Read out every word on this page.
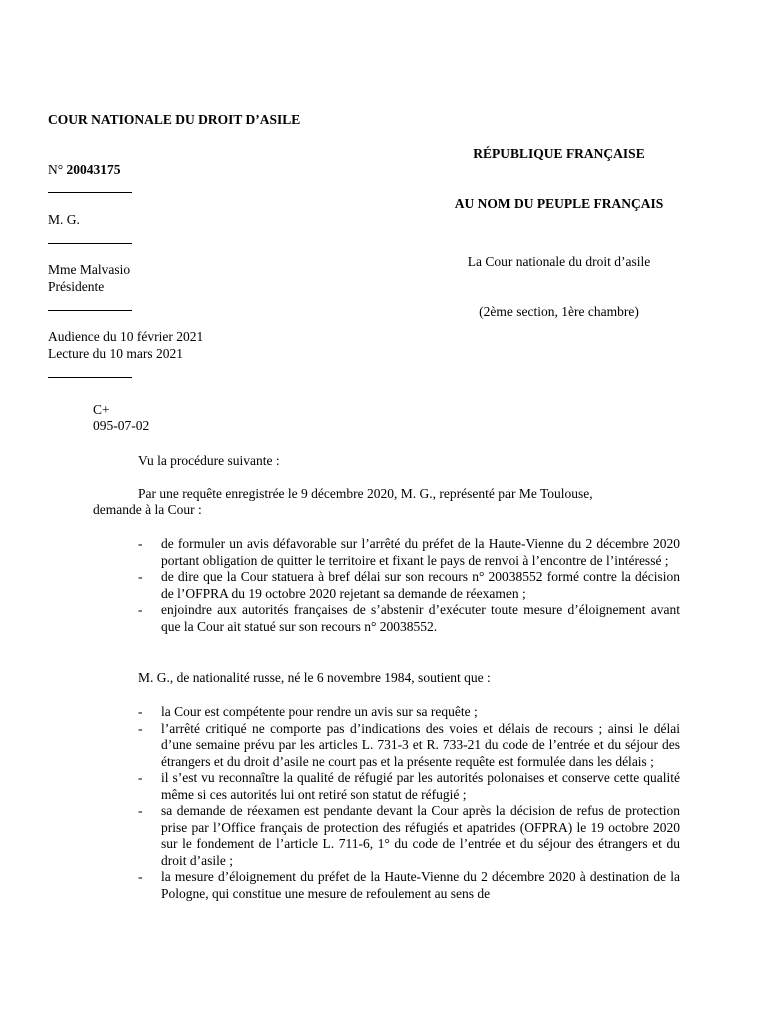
COUR NATIONALE DU DROIT D’ASILE
N° 20043175
M. G.
Mme Malvasio
Présidente
Audience du 10 février 2021
Lecture du 10 mars 2021
RÉPUBLIQUE FRANÇAISE
AU NOM DU PEUPLE FRANÇAIS
La Cour nationale du droit d’asile
(2ème section, 1ère chambre)
C+
095-07-02
Vu la procédure suivante :
Par une requête enregistrée le 9 décembre 2020, M. G., représenté par Me Toulouse,
demande à la Cour :
- de formuler un avis défavorable sur l’arrêté du préfet de la Haute-Vienne du 2 décembre 2020 portant obligation de quitter le territoire et fixant le pays de renvoi à l’encontre de l’intéressé ;
- de dire que la Cour statuera à bref délai sur son recours n° 20038552 formé contre la décision de l’OFPRA du 19 octobre 2020 rejetant sa demande de réexamen ;
- enjoindre aux autorités françaises de s’abstenir d’exécuter toute mesure d’éloignement avant que la Cour ait statué sur son recours n° 20038552.
M. G., de nationalité russe, né le 6 novembre 1984, soutient que :
- la Cour est compétente pour rendre un avis sur sa requête ;
- l’arrêté critiqué ne comporte pas d’indications des voies et délais de recours ; ainsi le délai d’une semaine prévu par les articles L. 731-3 et R. 733-21 du code de l’entrée et du séjour des étrangers et du droit d’asile ne court pas et la présente requête est formulée dans les délais ;
- il s’est vu reconnaître la qualité de réfugié par les autorités polonaises et conserve cette qualité même si ces autorités lui ont retiré son statut de réfugié ;
- sa demande de réexamen est pendante devant la Cour après la décision de refus de protection prise par l’Office français de protection des réfugiés et apatrides (OFPRA) le 19 octobre 2020 sur le fondement de l’article L. 711-6, 1° du code de l’entrée et du séjour des étrangers et du droit d’asile ;
- la mesure d’éloignement du préfet de la Haute-Vienne du 2 décembre 2020 à destination de la Pologne, qui constitue une mesure de refoulement au sens de
